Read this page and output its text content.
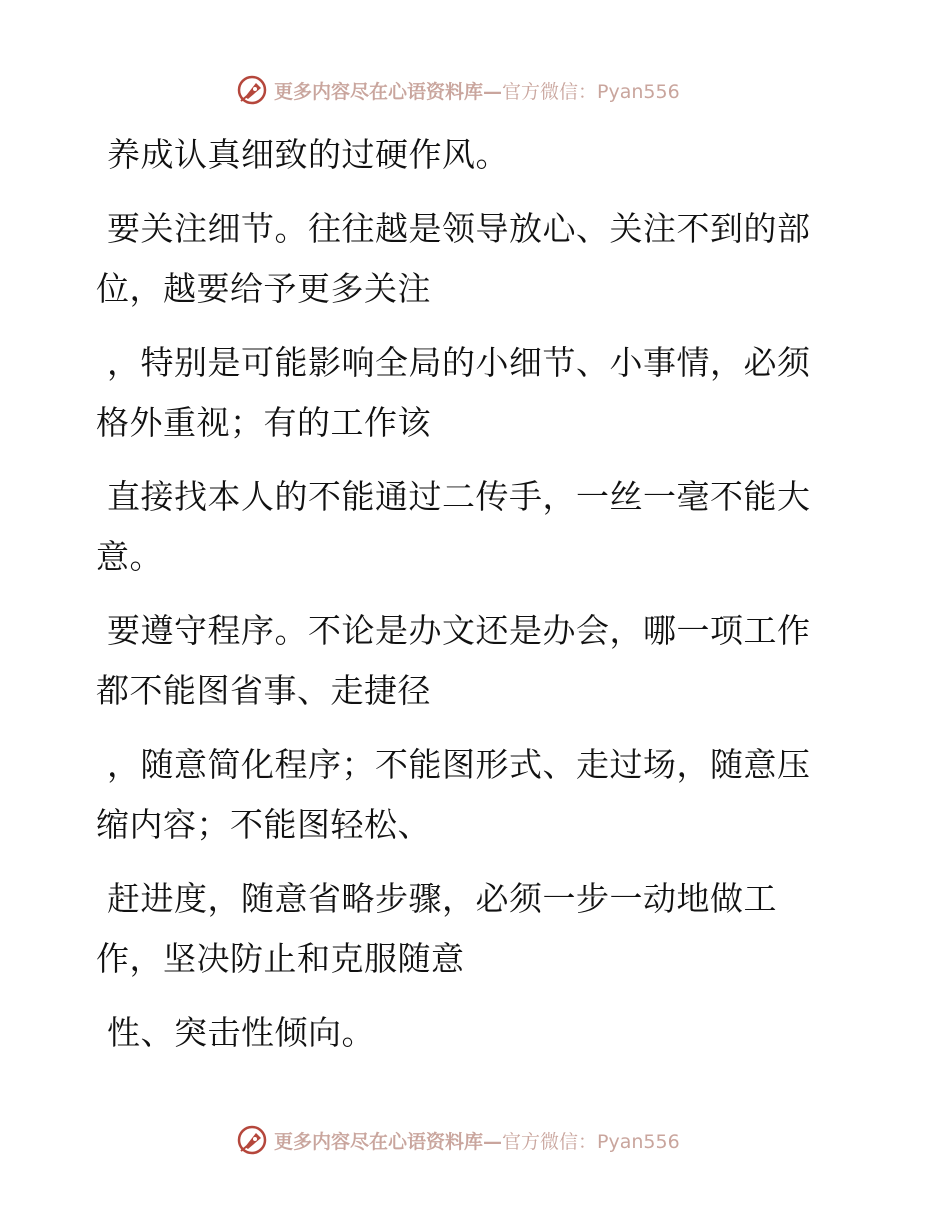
更多内容尽在心语资料库— 官方微信：Pyan556

养成认真细致的过硬作风。

要关注细节。往往越是领导放心、关注不到的部位，越要给予更多关注

，特别是可能影响全局的小细节、小事情，必须格外重视；有的工作该

直接找本人的不能通过二传手，一丝一毫不能大意。

要遵守程序。不论是办文还是办会，哪一项工作都不能图省事、走捷径

，随意简化程序；不能图形式、走过场，随意压缩内容；不能图轻松、

赶进度，随意省略步骤，必须一步一动地做工作，坚决防止和克服随意

性、突击性倾向。

更多内容尽在心语资料库— 官方微信：Pyan556
